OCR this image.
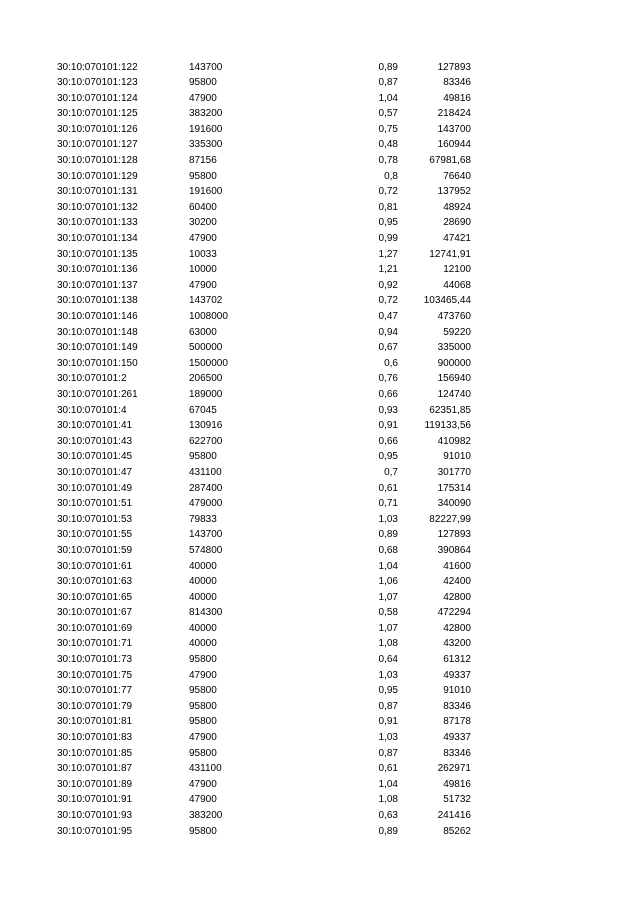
30:10:070101:122	143700	0,89	127893
30:10:070101:123	95800	0,87	83346
30:10:070101:124	47900	1,04	49816
30:10:070101:125	383200	0,57	218424
30:10:070101:126	191600	0,75	143700
30:10:070101:127	335300	0,48	160944
30:10:070101:128	87156	0,78	67981,68
30:10:070101:129	95800	0,8	76640
30:10:070101:131	191600	0,72	137952
30:10:070101:132	60400	0,81	48924
30:10:070101:133	30200	0,95	28690
30:10:070101:134	47900	0,99	47421
30:10:070101:135	10033	1,27	12741,91
30:10:070101:136	10000	1,21	12100
30:10:070101:137	47900	0,92	44068
30:10:070101:138	143702	0,72	103465,44
30:10:070101:146	1008000	0,47	473760
30:10:070101:148	63000	0,94	59220
30:10:070101:149	500000	0,67	335000
30:10:070101:150	1500000	0,6	900000
30:10:070101:2	206500	0,76	156940
30:10:070101:261	189000	0,66	124740
30:10:070101:4	67045	0,93	62351,85
30:10:070101:41	130916	0,91	119133,56
30:10:070101:43	622700	0,66	410982
30:10:070101:45	95800	0,95	91010
30:10:070101:47	431100	0,7	301770
30:10:070101:49	287400	0,61	175314
30:10:070101:51	479000	0,71	340090
30:10:070101:53	79833	1,03	82227,99
30:10:070101:55	143700	0,89	127893
30:10:070101:59	574800	0,68	390864
30:10:070101:61	40000	1,04	41600
30:10:070101:63	40000	1,06	42400
30:10:070101:65	40000	1,07	42800
30:10:070101:67	814300	0,58	472294
30:10:070101:69	40000	1,07	42800
30:10:070101:71	40000	1,08	43200
30:10:070101:73	95800	0,64	61312
30:10:070101:75	47900	1,03	49337
30:10:070101:77	95800	0,95	91010
30:10:070101:79	95800	0,87	83346
30:10:070101:81	95800	0,91	87178
30:10:070101:83	47900	1,03	49337
30:10:070101:85	95800	0,87	83346
30:10:070101:87	431100	0,61	262971
30:10:070101:89	47900	1,04	49816
30:10:070101:91	47900	1,08	51732
30:10:070101:93	383200	0,63	241416
30:10:070101:95	95800	0,89	85262
